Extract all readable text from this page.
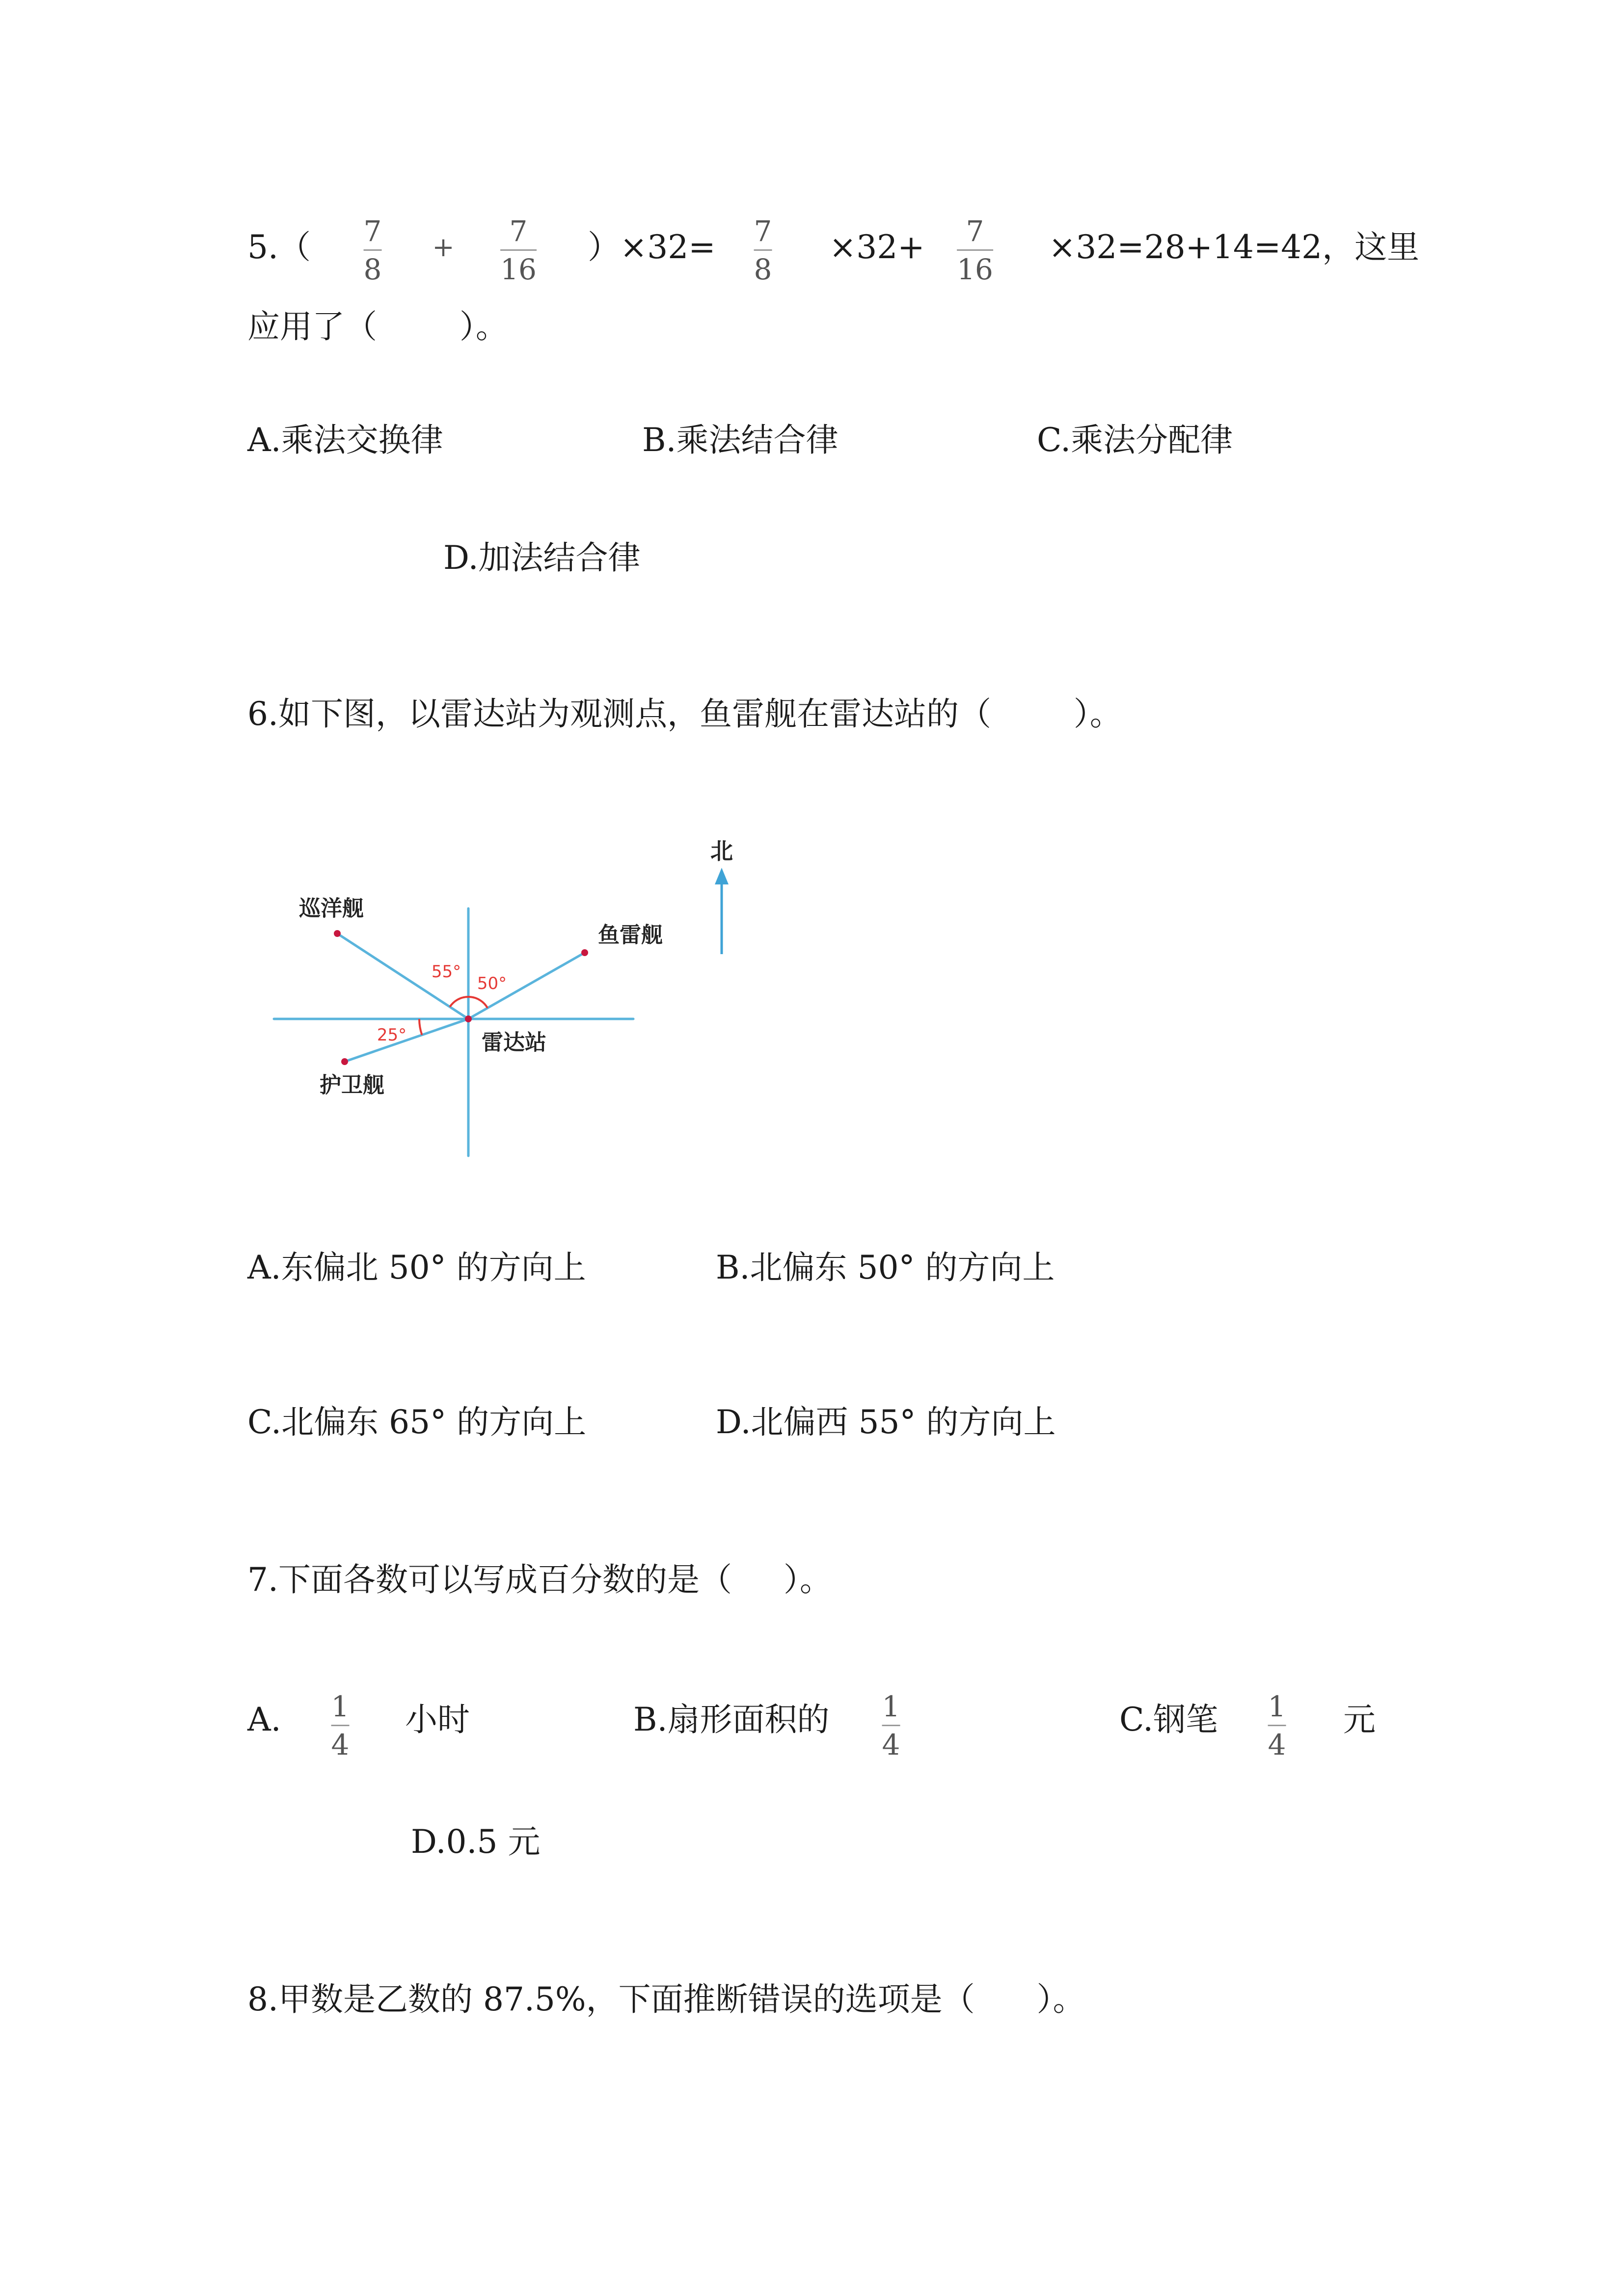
5.（ 7
8
+ 7
16
）×32= 7
8
×32+ 7
16
×32=28+14=42，这里
应用了（        ）。
A.乘法交换律	B.乘法结合律	C.乘法分配律
D.加法结合律
6.如下图，以雷达站为观测点，鱼雷舰在雷达站的（        ）。
北
巡洋舰
鱼雷舰
护卫舰
雷达站
55°
50°
25°
A.东偏北 50° 的方向上	B.北偏东 50° 的方向上
C.北偏东 65° 的方向上	D.北偏西 55° 的方向上
7.下面各数可以写成百分数的是（     ）。
A. 1
4
小时	B.扇形面积的 1
4
C.钢笔 1
4
元
D.0.5 元
8.甲数是乙数的 87.5%，下面推断错误的选项是（      ）。
